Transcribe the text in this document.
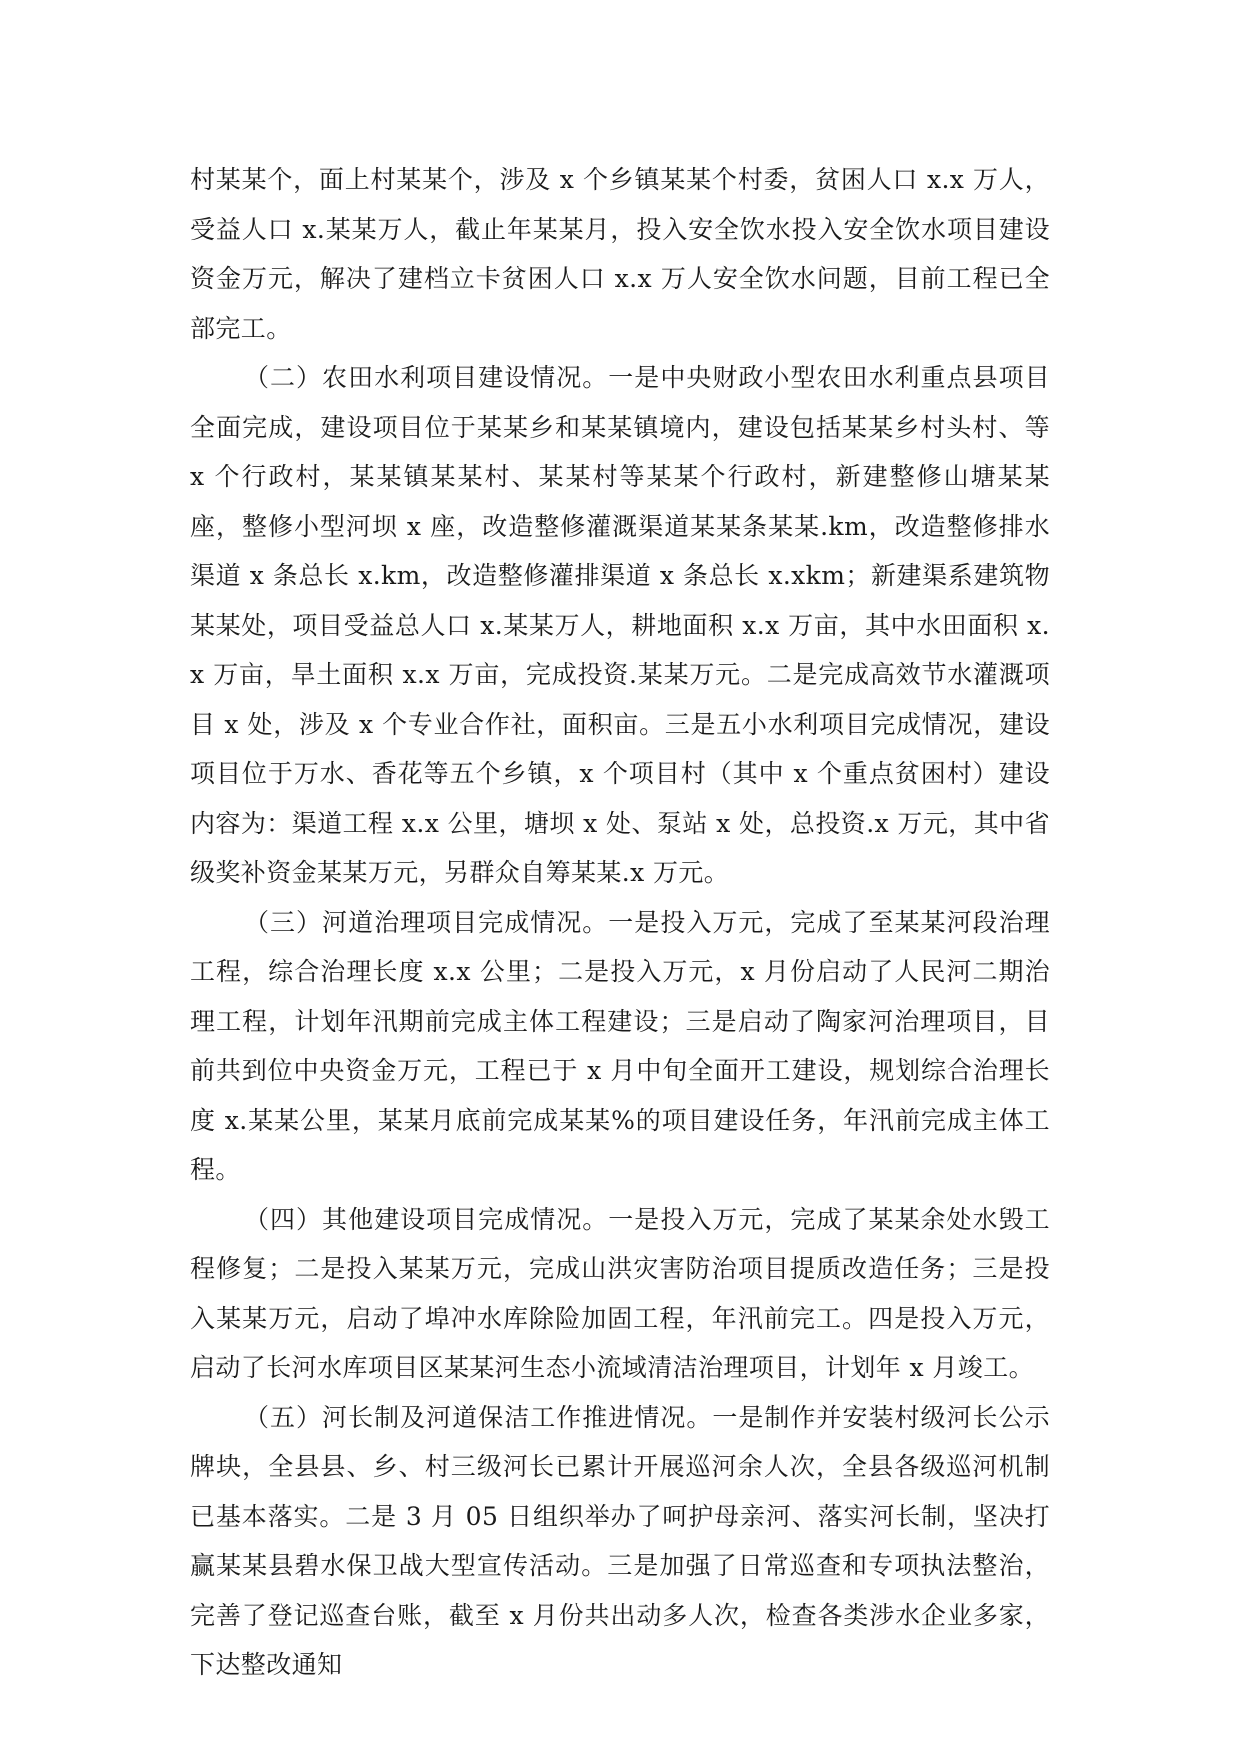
村某某个，面上村某某个，涉及 x 个乡镇某某个村委，贫困人口 x.x 万人，受益人口 x.某某万人，截止年某某月，投入安全饮水投入安全饮水项目建设资金万元，解决了建档立卡贫困人口 x.x 万人安全饮水问题，目前工程已全部完工。

（二）农田水利项目建设情况。一是中央财政小型农田水利重点县项目全面完成，建设项目位于某某乡和某某镇境内，建设包括某某乡村头村、等 x 个行政村，某某镇某某村、某某村等某某个行政村，新建整修山塘某某座，整修小型河坝 x 座，改造整修灌溉渠道某某条某某.km，改造整修排水渠道 x 条总长 x.km，改造整修灌排渠道 x 条总长 x.xkm；新建渠系建筑物某某处，项目受益总人口 x.某某万人，耕地面积 x.x 万亩，其中水田面积 x.x 万亩，旱土面积 x.x 万亩，完成投资.某某万元。二是完成高效节水灌溉项目 x 处，涉及 x 个专业合作社，面积亩。三是五小水利项目完成情况，建设项目位于万水、香花等五个乡镇，x 个项目村（其中 x 个重点贫困村）建设内容为：渠道工程 x.x 公里，塘坝 x 处、泵站 x 处，总投资.x 万元，其中省级奖补资金某某万元，另群众自筹某某.x 万元。

（三）河道治理项目完成情况。一是投入万元，完成了至某某河段治理工程，综合治理长度 x.x 公里；二是投入万元，x 月份启动了人民河二期治理工程，计划年汛期前完成主体工程建设；三是启动了陶家河治理项目，目前共到位中央资金万元，工程已于 x 月中旬全面开工建设，规划综合治理长度 x.某某公里，某某月底前完成某某%的项目建设任务，年汛前完成主体工程。

（四）其他建设项目完成情况。一是投入万元，完成了某某余处水毁工程修复；二是投入某某万元，完成山洪灾害防治项目提质改造任务；三是投入某某万元，启动了埠冲水库除险加固工程，年汛前完工。四是投入万元，启动了长河水库项目区某某河生态小流域清洁治理项目，计划年 x 月竣工。

（五）河长制及河道保洁工作推进情况。一是制作并安装村级河长公示牌块，全县县、乡、村三级河长已累计开展巡河余人次，全县各级巡河机制已基本落实。二是 3 月 05 日组织举办了呵护母亲河、落实河长制，坚决打赢某某县碧水保卫战大型宣传活动。三是加强了日常巡查和专项执法整治，完善了登记巡查台账，截至 x 月份共出动多人次，检查各类涉水企业多家，下达整改通知
